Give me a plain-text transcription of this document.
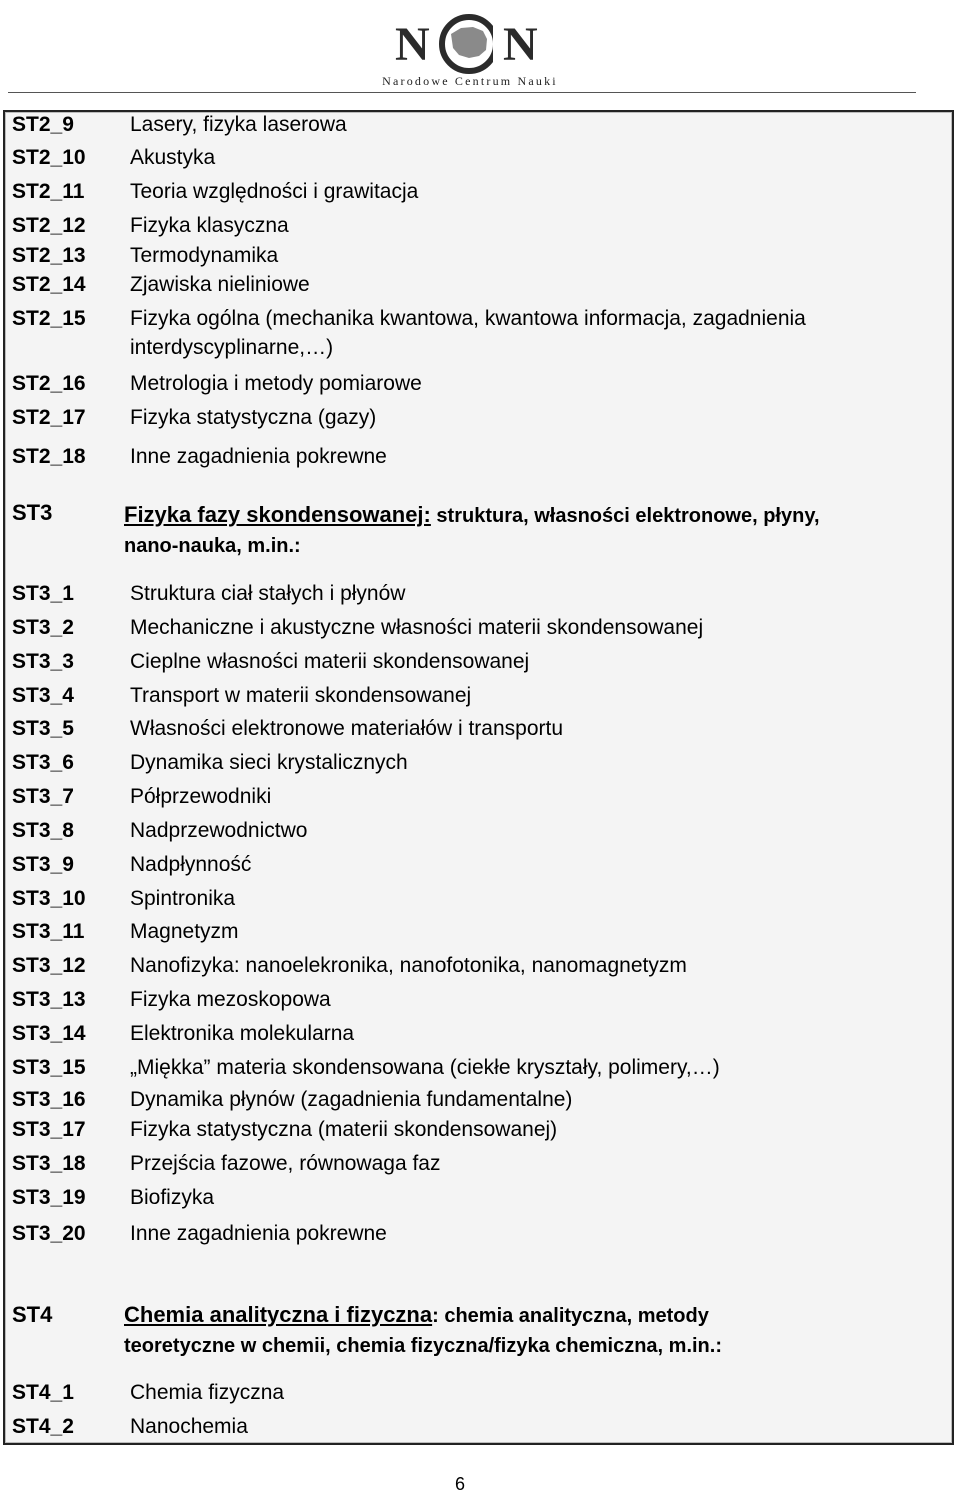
N N
Narodowe Centrum Nauki
ST2_9	Lasery, fizyka laserowa
ST2_10 Akustyka
ST2_11 Teoria względności i grawitacja
ST2_12 Fizyka klasyczna
ST2_13 Termodynamika
ST2_14 Zjawiska nieliniowe
ST2_15 Fizyka ogólna (mechanika kwantowa, kwantowa informacja, zagadnienia
interdyscyplinarne,…)
ST2_16 Metrologia i metody pomiarowe
ST2_17 Fizyka statystyczna (gazy)
ST2_18 Inne zagadnienia pokrewne
ST3	Fizyka fazy skondensowanej: struktura, własności elektronowe, płyny,
nano-nauka, m.in.:
ST3_1	Struktura ciał stałych i płynów
ST3_2	Mechaniczne i akustyczne własności materii skondensowanej
ST3_3	Cieplne własności materii skondensowanej
ST3_4	Transport w materii skondensowanej
ST3_5	Własności elektronowe materiałów i transportu
ST3_6	Dynamika sieci krystalicznych
ST3_7	Półprzewodniki
ST3_8	Nadprzewodnictwo
ST3_9	Nadpłynność
ST3_10 Spintronika
ST3_11 Magnetyzm
ST3_12 Nanofizyka: nanoelekronika, nanofotonika, nanomagnetyzm
ST3_13 Fizyka mezoskopowa
ST3_14 Elektronika molekularna
ST3_15 „Miękka” materia skondensowana (ciekłe kryształy, polimery,…)
ST3_16 Dynamika płynów (zagadnienia fundamentalne)
ST3_17 Fizyka statystyczna (materii skondensowanej)
ST3_18 Przejścia fazowe, równowaga faz
ST3_19 Biofizyka
ST3_20 Inne zagadnienia pokrewne
ST4	Chemia analityczna i fizyczna: chemia analityczna, metody
teoretyczne w chemii, chemia fizyczna/fizyka chemiczna, m.in.:
ST4_1	Chemia fizyczna
ST4_2	Nanochemia
6
